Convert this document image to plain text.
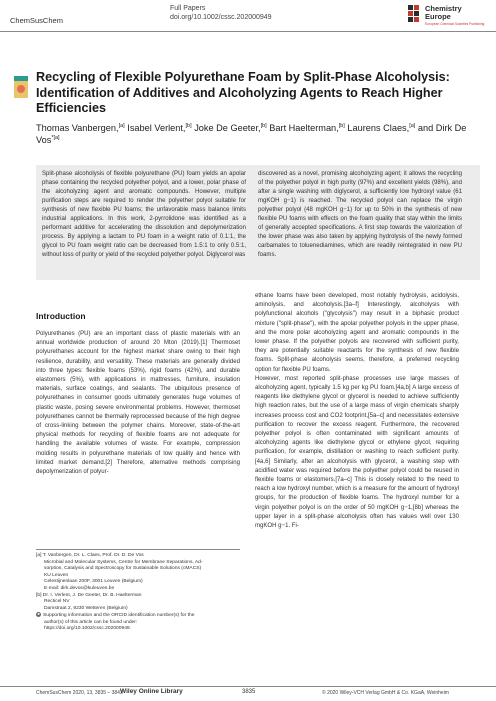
ChemSusChem
Full Papers
doi.org/10.1002/cssc.202000949
Chemistry
Europe
European Chemical Societies Publishing
Recycling of Flexible Polyurethane Foam by Split-Phase Alcoholysis: Identification of Additives and Alcoholyzing Agents to Reach Higher Efficiencies
Thomas Vanbergen,[a] Isabel Verlent,[b] Joke De Geeter,[b] Bart Haelterman,[b] Laurens Claes,[a] and Dirk De Vos$^{*[a]}$
Split-phase alcoholysis of flexible polyurethane (PU) foam yields an apolar phase containing the recycled polyether polyol, and a lower, polar phase of the alcoholyzing agent and aromatic compounds. However, multiple purification steps are required to render the polyether polyol suitable for synthesis of new flexible PU foams; the unfavorable mass balance limits industrial applications. In this work, 2-pyrrolidone was identified as a performant additive for accelerating the dissolution and depolymerization process. By applying a lactam to PU foam in a weight ratio of 0.1:1, the glycol to PU foam weight ratio can be decreased from 1.5:1 to only 0.5:1, without loss of purity or yield of the recycled polyether polyol. Diglycerol was
discovered as a novel, promising alcoholyzing agent; it allows the recycling of the polyether polyol in high purity (97%) and excellent yields (98%), and after a single washing with diglycerol, a sufficiently low hydroxyl value (61 mgKOH g−1) is reached. The recycled polyol can replace the virgin polyether polyol (48 mgKOH g−1) for up to 50% in the synthesis of new flexible PU foams with effects on the foam quality that stay within the limits of generally accepted specifications. A first step towards the valorization of the lower phase was also taken by applying hydrolysis of the newly formed carbamates to toluenediamines, which are readily reintegrated in new PU foams.
Introduction
Polyurethanes (PU) are an important class of plastic materials with an annual worldwide production of around 20 Mton (2019).[1] Thermoset polyurethanes account for the highest market share owing to their high resilience, durability, and versatility. These materials are generally divided into three types: flexible foams (53%), rigid foams (42%), and durable elastomers (5%), with applications in mattresses, furniture, insulation materials, surface coatings, and sealants. The ubiquitous presence of polyurethanes in consumer goods ultimately generates huge volumes of plastic waste, posing severe environmental problems. However, thermoset polyurethanes cannot be thermally reprocessed because of the high degree of cross-linking between the polymer chains. Moreover, state-of-the-art physical methods for recycling of flexible foams are not adequate for handling the available volumes of waste. For example, compression molding results in polyurethane materials of low quality and hence with limited market demand.[2] Therefore, alternative methods comprising depolymerization of polyur-
ethane foams have been developed, most notably hydrolysis, acidolysis, aminolysis, and alcoholysis.[3a–f] Interestingly, alcoholysis with polyfunctional alcohols ("glycolysis") may result in a biphasic product mixture ("split-phase"), with the apolar polyether polyols in the upper phase, and the more polar alcoholyzing agent and aromatic compounds in the lower phase. If the polyether polyols are recovered with sufficient purity, they are potentially suitable reactants for the synthesis of new flexible foams. Split-phase alcoholysis seems, therefore, a preferred recycling option for flexible PU foams.
However, most reported split-phase processes use large masses of alcoholyzing agent, typically 1.5 kg per kg PU foam.[4a,b] A large excess of reagents like diethylene glycol or glycerol is needed to achieve sufficiently high reaction rates, but the use of a large mass of virgin chemicals sharply increases process cost and CO2 footprint,[5a–c] and necessitates extensive purification to recover the excess reagent. Furthermore, the recovered polyether polyol is often contaminated with significant amounts of alcoholyzing agents like diethylene glycol or ethylene glycol, requiring purification, for example, distillation or washing to reach sufficient purity.[4a,6] Similarly, after an alcoholysis with glycerol, a washing step with acidified water was required before the polyether polyol could be reused in flexible foams or elastomers.[7a–c] This is closely related to the need to reach a low hydroxyl number, which is a measure for the amount of hydroxyl groups, for the production of flexible foams. The hydroxyl number for a virgin polyether polyol is on the order of 50 mgKOH g−1,[8b] whereas the upper layer in a split-phase alcoholysis often has values well over 130 mgKOH g−1. Fi-
[a] T. Vanbergen, Dr. L. Claes, Prof. Dr. D. De Vos
Microbial and Molecular Systems, Centre for Membrane Separations, Ad-
sorption, Catalysis and Spectroscopy for Sustainable Solutions (cMACS)
KU Leuven
Celestijnenlaan 200F, 3001 Leuven (Belgium)
E-mail: dirk.devos@kuleuven.be
[b] Dr. I. Verlent, J. De Geeter, Dr. B. Haelterman
Recticel NV
Damstraat 2, 9230 Wetteren (Belgium)
■ Supporting information and the ORCID identification number(s) for the
author(s) of this article can be found under:
https://doi.org/10.1002/cssc.202000949.
ChemSusChem 2020, 13, 3835 – 3843
Wiley Online Library	3835	© 2020 Wiley-VCH Verlag GmbH & Co. KGaA, Weinheim
